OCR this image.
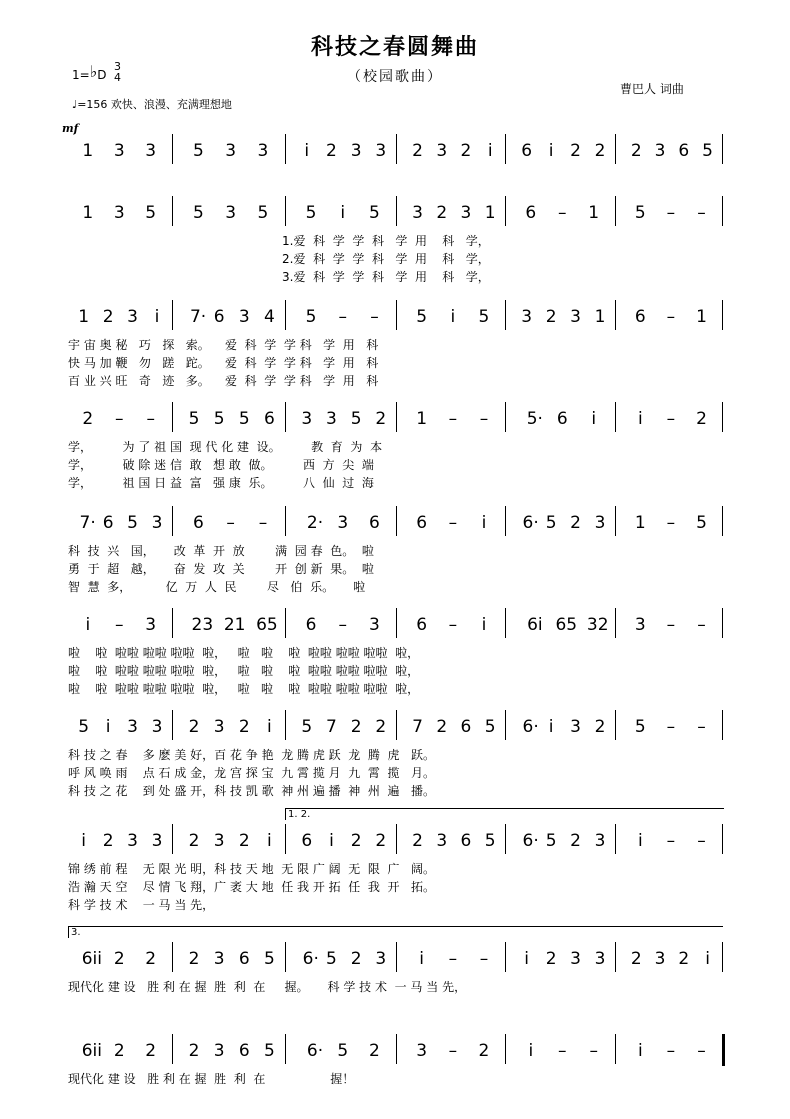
科技之春圆舞曲
（校园歌曲）
曹巴人 词曲
1=♭D
3
4
♩=156 欢快、浪漫、充满理想地
mf
1 3 3 5 3 3 i 2 3 3 2 3 2 i 6 i 2 2 2 3 6 5
1 3 5 5 3 5 5 i 5 3 2 3 1 6 – 1 5 – –
1.爱  科  学  学  科   学  用    科   学，
2.爱  科  学  学  科   学  用    科   学，
3.爱  科  学  学  科   学  用    科   学，
1 2 3 i 7· 6 3 4 5 – – 5 i 5 3 2 3 1 6 – 1
宇 宙 奥 秘   巧   探   索。    爱  科  学  学 科   学  用   科
快 马 加 鞭   勿   蹉   跎。    爱  科  学  学 科   学  用   科
百 业 兴 旺   奇   迹   多。    爱  科  学  学 科   学  用   科
2 – – 5 5 5 6 3 3 5 2 1 – – 5· 6 i i – 2
学，        为 了 祖 国  现 代 化 建  设。        教  育  为  本
学，        破 除 迷 信  敢   想 敢  做。        西  方  尖  端
学，        祖 国 日 益  富   强 康  乐。        八  仙  过  海
7· 6 5 3 6 – – 2· 3 6 6 – i 6· 5 2 3 1 – 5
科  技  兴   国，     改  革  开  放        满  园 春  色。  啦
勇  于  超   越，     奋  发  攻  关        开  创 新  果。  啦
智  慧  多，         亿  万  人  民        尽   伯  乐。     啦
i – 3 23 21 65 6 – 3 6 – i 6i 65 32 3 – –
啦    啦  啦啦 啦啦 啦啦  啦，   啦   啦    啦  啦啦 啦啦 啦啦  啦，
啦    啦  啦啦 啦啦 啦啦  啦，   啦   啦    啦  啦啦 啦啦 啦啦  啦，
啦    啦  啦啦 啦啦 啦啦  啦，   啦   啦    啦  啦啦 啦啦 啦啦  啦，
5 i 3 3 2 3 2 i 5 7 2 2 7 2 6 5 6· i 3 2 5 – –
科 技 之 春    多 麽 美 好，百 花 争 艳  龙 腾 虎 跃  龙  腾  虎   跃。
呼 风 唤 雨    点 石 成 金，龙 宫 探 宝  九 霄 揽 月  九  霄  揽   月。
科 技 之 花    到 处 盛 开，科 技 凯 歌  神 州 遍 播  神  州  遍   播。
1. 2.
i 2 3 3 2 3 2 i 6 i 2 2 2 3 6 5 6· 5 2 3 i – –
锦 绣 前 程    无 限 光 明，科 技 天 地  无 限 广 阔  无  限  广   阔。
浩 瀚 天 空    尽 情 飞 翔，广 袤 大 地  任 我 开 拓  任  我  开   拓。
科 学 技 术    一 马 当 先，
3.
6ii 2 2 2 3 6 5 6· 5 2 3 i – – i 2 3 3 2 3 2 i
现代化 建 设   胜 利 在 握  胜  利  在     握。     科 学 技 术  一 马 当 先，
6ii 2 2 2 3 6 5 6· 5 2 3 – 2 i – – i – –
现代化 建 设   胜 利 在 握  胜  利  在                 握！
